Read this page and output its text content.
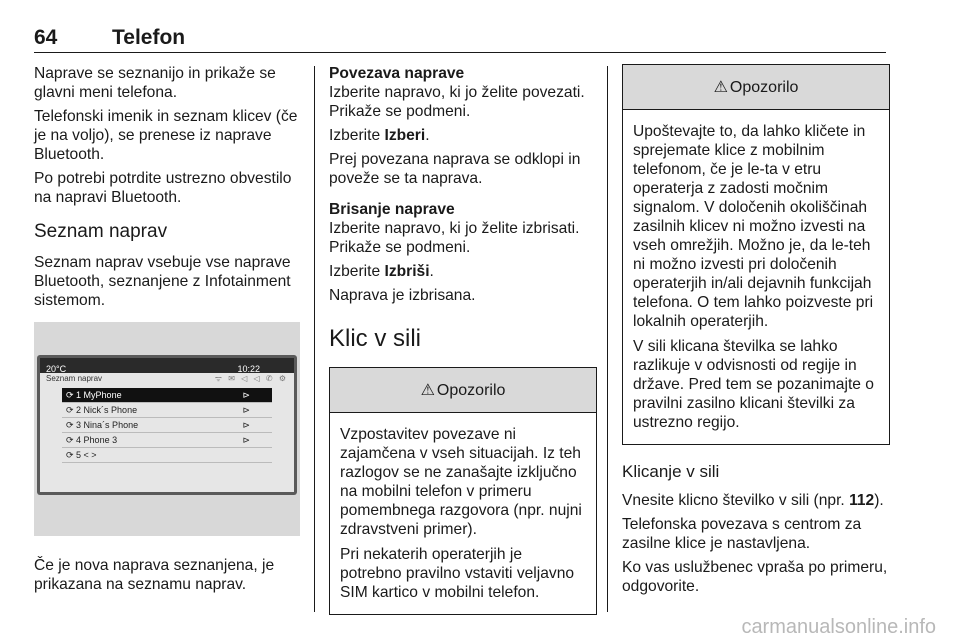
64	Telefon

Naprave se seznanijo in prikaže se glavni meni telefona.

Telefonski imenik in seznam klicev (če je na voljo), se prenese iz naprave Bluetooth.

Po potrebi potrdite ustrezno obvestilo na napravi Bluetooth.

Seznam naprav

Seznam naprav vsebuje vse naprave Bluetooth, seznanjene z Infotainment sistemom.

20°C	10:22
Seznam naprav	ᯤ ✉ ◁ ◁ ✆ ⚙
⟳ 1 MyPhone	⊳
⟳ 2 Nick´s Phone	⊳
⟳ 3 Nina´s Phone	⊳
⟳ 4 Phone 3	⊳
⟳ 5 < >

Če je nova naprava seznanjena, je prikazana na seznamu naprav.

Povezava naprave

Izberite napravo, ki jo želite povezati. Prikaže se podmeni.

Izberite Izberi.

Prej povezana naprava se odklopi in poveže se ta naprava.

Brisanje naprave

Izberite napravo, ki jo želite izbrisati. Prikaže se podmeni.

Izberite Izbriši.

Naprava je izbrisana.

Klic v sili
⚠ Opozorilo

Vzpostavitev povezave ni zajamčena v vseh situacijah. Iz teh razlogov se ne zanašajte izključno na mobilni telefon v primeru pomembnega razgovora (npr. nujni zdravstveni primer).

Pri nekaterih operaterjih je potrebno pravilno vstaviti veljavno SIM kartico v mobilni telefon.

⚠ Opozorilo

Upoštevajte to, da lahko kličete in sprejemate klice z mobilnim telefonom, če je le-ta v etru operaterja z zadosti močnim signalom. V določenih okoliščinah zasilnih klicev ni možno izvesti na vseh omrežjih. Možno je, da le-teh ni možno izvesti pri določenih operaterjih in/ali dejavnih funkcijah telefona. O tem lahko poizveste pri lokalnih operaterjih.

V sili klicana številka se lahko razlikuje v odvisnosti od regije in države. Pred tem se pozanimajte o pravilni zasilno klicani številki za ustrezno regijo.

Klicanje v sili

Vnesite klicno številko v sili (npr. 112).

Telefonska povezava s centrom za zasilne klice je nastavljena.

Ko vas uslužbenec vpraša po primeru, odgovorite.

carmanualsonline.info
